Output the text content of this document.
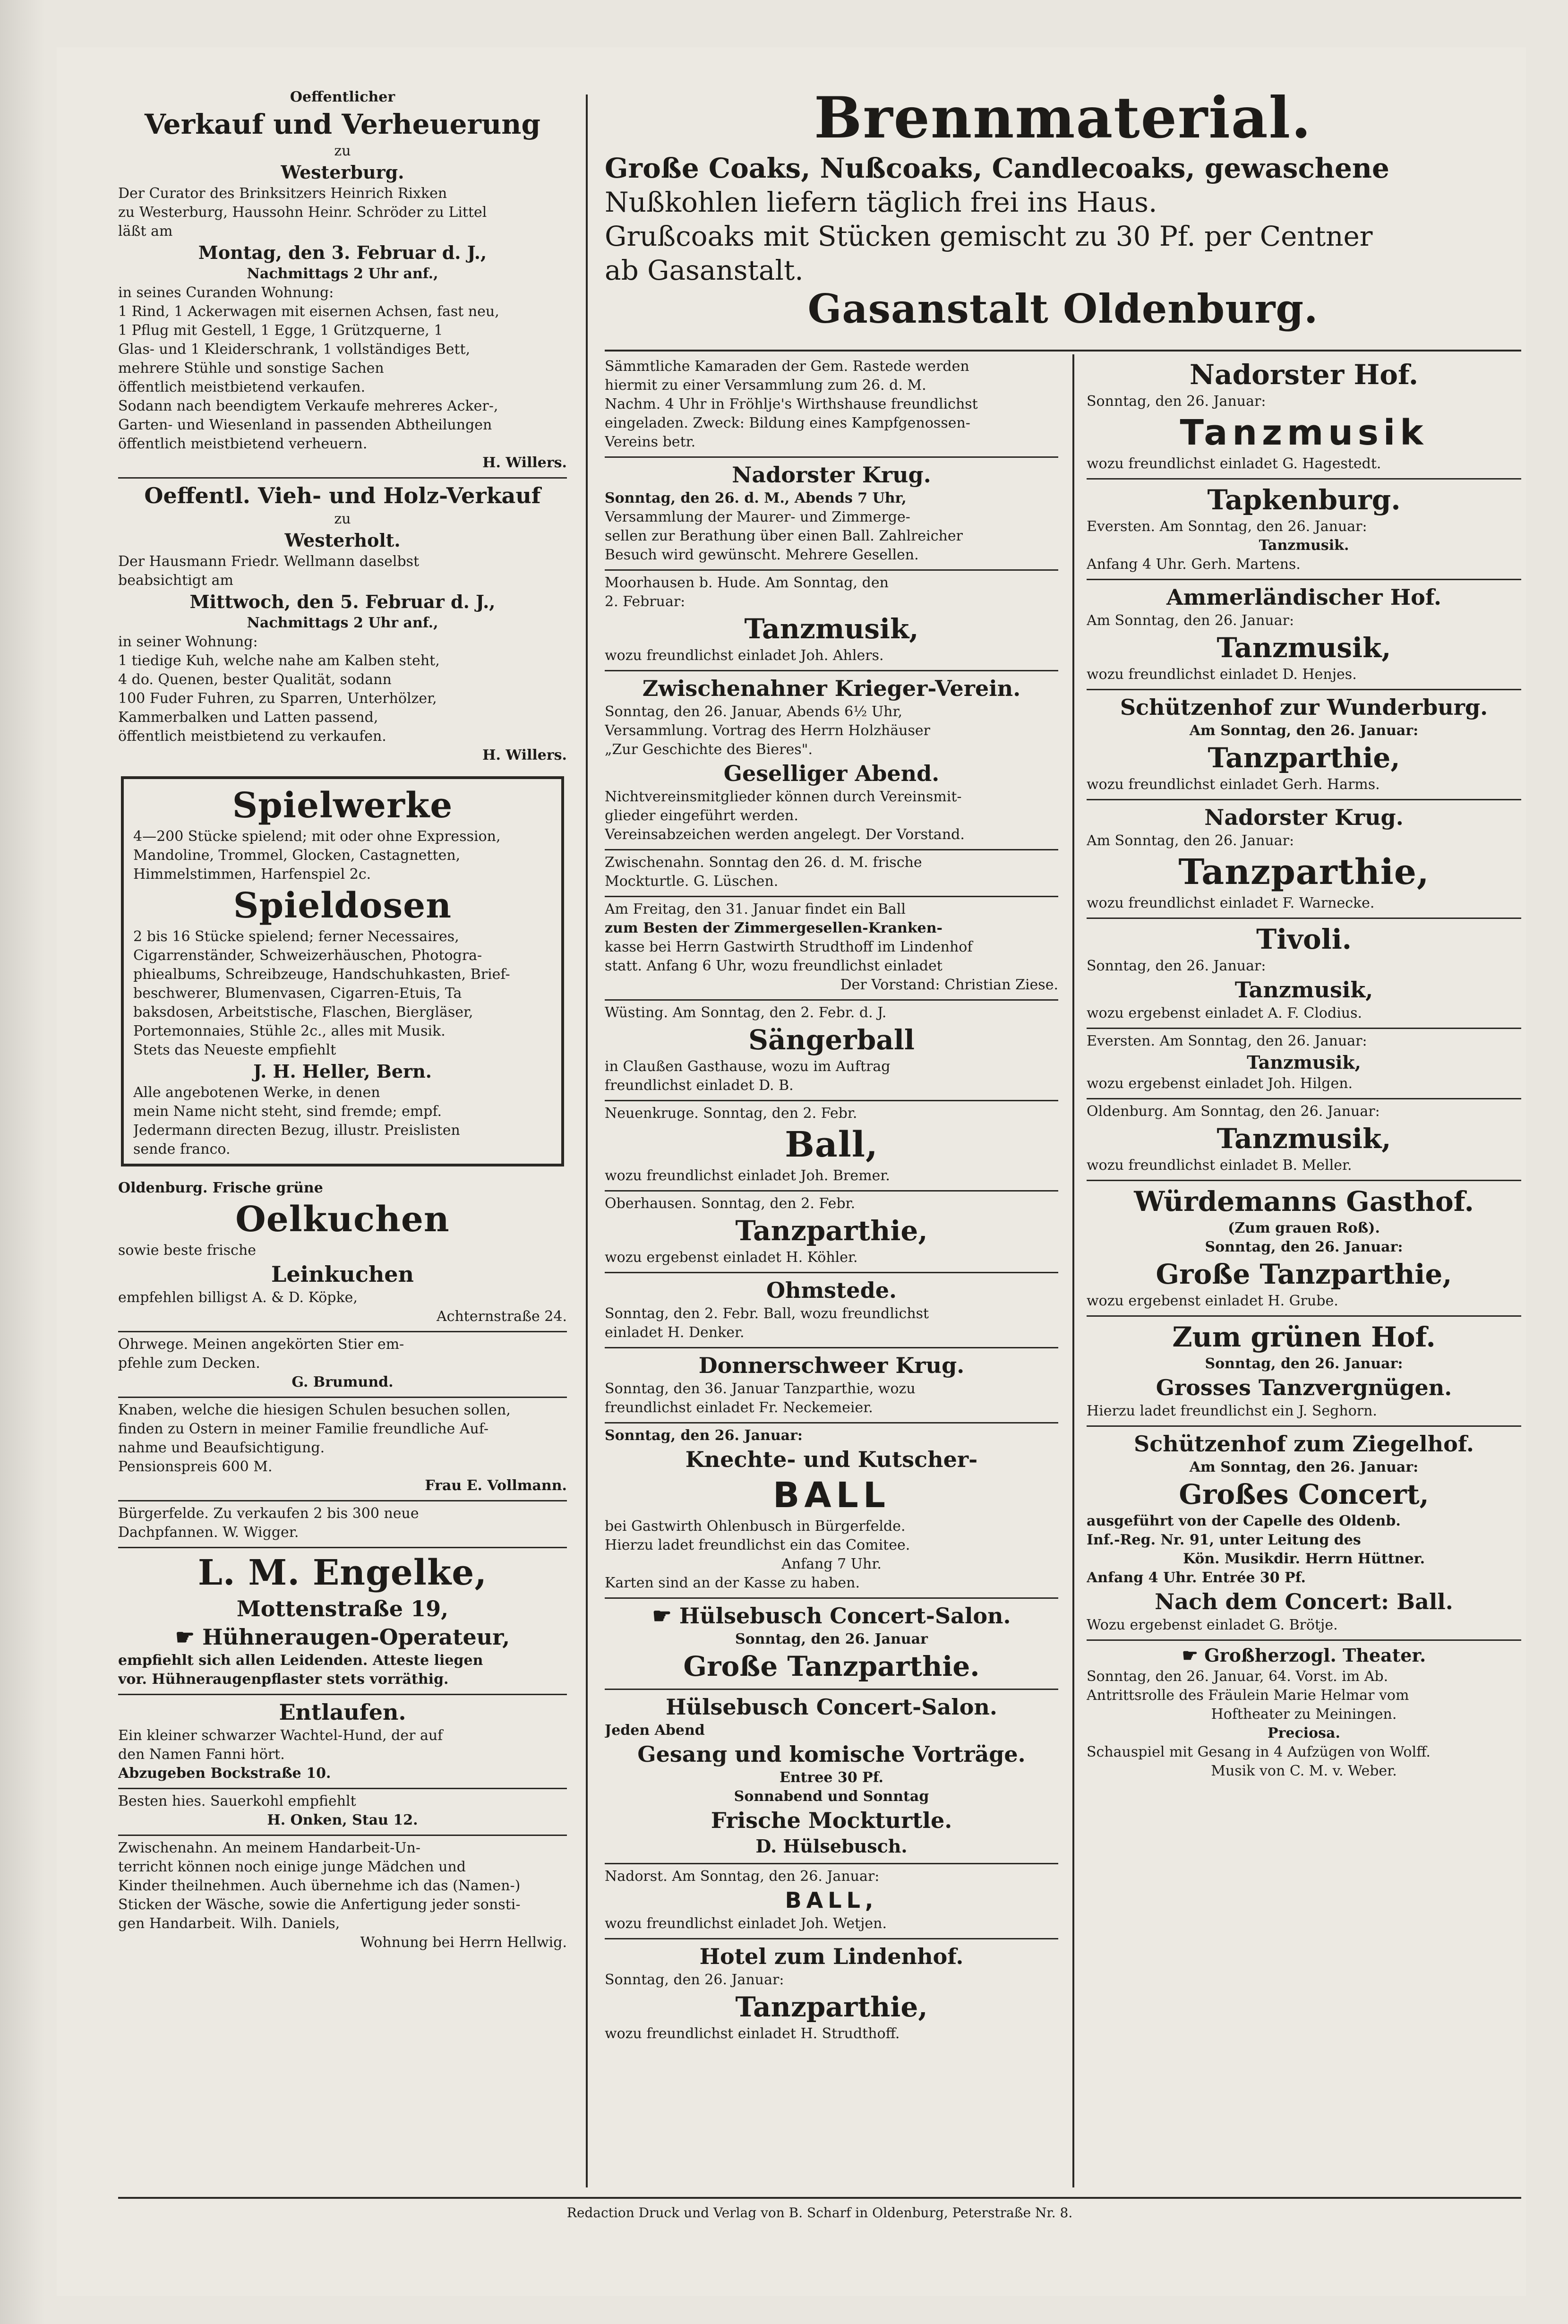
Brennmaterial.
Große Coaks, Nußcoaks, Candlecoaks, gewaschene
Nußkohlen liefern täglich frei ins Haus.
Grußcoaks mit Stücken gemischt zu 30 Pf. per Centner
ab Gasanstalt.
Gasanstalt Oldenburg.
Oeffentlicher
Verkauf und Verheuerung
zu
Westerburg.
Der Curator des Brinksitzers Heinrich Rixken
zu Westerburg, Haussohn Heinr. Schröder zu Littel
läßt am
Montag, den 3. Februar d. J.,
Nachmittags 2 Uhr anf.,
in seines Curanden Wohnung:
1 Rind, 1 Ackerwagen mit eisernen Achsen, fast neu,
1 Pflug mit Gestell, 1 Egge, 1 Grützquerne, 1
Glas- und 1 Kleiderschrank, 1 vollständiges Bett,
mehrere Stühle und sonstige Sachen
öffentlich meistbietend verkaufen.
Sodann nach beendigtem Verkaufe mehreres Acker-,
Garten- und Wiesenland in passenden Abtheilungen
öffentlich meistbietend verheuern.
H. Willers.
Oeffentl. Vieh- und Holz-Verkauf
zu
Westerholt.
Der Hausmann Friedr. Wellmann daselbst
beabsichtigt am
Mittwoch, den 5. Februar d. J.,
Nachmittags 2 Uhr anf.,
in seiner Wohnung:
1 tiedige Kuh, welche nahe am Kalben steht,
4 do. Quenen, bester Qualität, sodann
100 Fuder Fuhren, zu Sparren, Unterhölzer,
Kammerbalken und Latten passend,
öffentlich meistbietend zu verkaufen.
H. Willers.
Spielwerke
4—200 Stücke spielend; mit oder ohne Expression,
Mandoline, Trommel, Glocken, Castagnetten,
Himmelstimmen, Harfenspiel 2c.
Spieldosen
2 bis 16 Stücke spielend; ferner Necessaires,
Cigarrenständer, Schweizerhäuschen, Photogra-
phiealbums, Schreibzeuge, Handschuhkasten, Brief-
beschwerer, Blumenvasen, Cigarren-Etuis, Ta
baksdosen, Arbeitstische, Flaschen, Biergläser,
Portemonnaies, Stühle 2c., alles mit Musik.
Stets das Neueste empfiehlt
J. H. Heller, Bern.
Alle angebotenen Werke, in denen
mein Name nicht steht, sind fremde; empf.
Jedermann directen Bezug, illustr. Preislisten
sende franco.
Oldenburg. Frische grüne
Oelkuchen
sowie beste frische
Leinkuchen
empfehlen billigst A. & D. Köpke,
Achternstraße 24.
Ohrwege. Meinen angekörten Stier em-
pfehle zum Decken.
G. Brumund.
Knaben, welche die hiesigen Schulen besuchen sollen,
finden zu Ostern in meiner Familie freundliche Auf-
nahme und Beaufsichtigung.
Pensionspreis 600 M.
Frau E. Vollmann.
Bürgerfelde. Zu verkaufen 2 bis 300 neue
Dachpfannen. W. Wigger.
L. M. Engelke,
Mottenstraße 19,
☛ Hühneraugen-Operateur,
empfiehlt sich allen Leidenden. Atteste liegen
vor. Hühneraugenpflaster stets vorräthig.
Entlaufen.
Ein kleiner schwarzer Wachtel-Hund, der auf
den Namen Fanni hört.
Abzugeben Bockstraße 10.
Besten hies. Sauerkohl empfiehlt
H. Onken, Stau 12.
Zwischenahn. An meinem Handarbeit-Un-
terricht können noch einige junge Mädchen und
Kinder theilnehmen. Auch übernehme ich das (Namen-)
Sticken der Wäsche, sowie die Anfertigung jeder sonsti-
gen Handarbeit. Wilh. Daniels,
Wohnung bei Herrn Hellwig.
Sämmtliche Kamaraden der Gem. Rastede werden
hiermit zu einer Versammlung zum 26. d. M.
Nachm. 4 Uhr in Fröhlje's Wirthshause freundlichst
eingeladen. Zweck: Bildung eines Kampfgenossen-
Vereins betr.
Nadorster Krug.
Sonntag, den 26. d. M., Abends 7 Uhr,
Versammlung der Maurer- und Zimmerge-
sellen zur Berathung über einen Ball. Zahlreicher
Besuch wird gewünscht. Mehrere Gesellen.
Moorhausen b. Hude. Am Sonntag, den
2. Februar:
Tanzmusik,
wozu freundlichst einladet Joh. Ahlers.
Zwischenahner Krieger-Verein.
Sonntag, den 26. Januar, Abends 6½ Uhr,
Versammlung. Vortrag des Herrn Holzhäuser
„Zur Geschichte des Bieres".
Geselliger Abend.
Nichtvereinsmitglieder können durch Vereinsmit-
glieder eingeführt werden.
Vereinsabzeichen werden angelegt. Der Vorstand.
Zwischenahn. Sonntag den 26. d. M. frische
Mockturtle. G. Lüschen.
Am Freitag, den 31. Januar findet ein Ball
zum Besten der Zimmergesellen-Kranken-
kasse bei Herrn Gastwirth Strudthoff im Lindenhof
statt. Anfang 6 Uhr, wozu freundlichst einladet
Der Vorstand: Christian Ziese.
Wüsting. Am Sonntag, den 2. Febr. d. J.
Sängerball
in Claußen Gasthause, wozu im Auftrag
freundlichst einladet D. B.
Neuenkruge. Sonntag, den 2. Febr.
Ball,
wozu freundlichst einladet Joh. Bremer.
Oberhausen. Sonntag, den 2. Febr.
Tanzparthie,
wozu ergebenst einladet H. Köhler.
Ohmstede.
Sonntag, den 2. Febr. Ball, wozu freundlichst
einladet H. Denker.
Donnerschweer Krug.
Sonntag, den 36. Januar Tanzparthie, wozu
freundlichst einladet Fr. Neckemeier.
Sonntag, den 26. Januar:
Knechte- und Kutscher-
BALL
bei Gastwirth Ohlenbusch in Bürgerfelde.
Hierzu ladet freundlichst ein das Comitee.
Anfang 7 Uhr.
Karten sind an der Kasse zu haben.
☛ Hülsebusch Concert-Salon.
Sonntag, den 26. Januar
Große Tanzparthie.
Hülsebusch Concert-Salon.
Jeden Abend
Gesang und komische Vorträge.
Entree 30 Pf.
Sonnabend und Sonntag
Frische Mockturtle.
D. Hülsebusch.
Nadorst. Am Sonntag, den 26. Januar:
BALL,
wozu freundlichst einladet Joh. Wetjen.
Hotel zum Lindenhof.
Sonntag, den 26. Januar:
Tanzparthie,
wozu freundlichst einladet H. Strudthoff.
Nadorster Hof.
Sonntag, den 26. Januar:
Tanzmusik
wozu freundlichst einladet G. Hagestedt.
Tapkenburg.
Eversten. Am Sonntag, den 26. Januar:
Tanzmusik.
Anfang 4 Uhr. Gerh. Martens.
Ammerländischer Hof.
Am Sonntag, den 26. Januar:
Tanzmusik,
wozu freundlichst einladet D. Henjes.
Schützenhof zur Wunderburg.
Am Sonntag, den 26. Januar:
Tanzparthie,
wozu freundlichst einladet Gerh. Harms.
Nadorster Krug.
Am Sonntag, den 26. Januar:
Tanzparthie,
wozu freundlichst einladet F. Warnecke.
Tivoli.
Sonntag, den 26. Januar:
Tanzmusik,
wozu ergebenst einladet A. F. Clodius.
Eversten. Am Sonntag, den 26. Januar:
Tanzmusik,
wozu ergebenst einladet Joh. Hilgen.
Oldenburg. Am Sonntag, den 26. Januar:
Tanzmusik,
wozu freundlichst einladet B. Meller.
Würdemanns Gasthof.
(Zum grauen Roß).
Sonntag, den 26. Januar:
Große Tanzparthie,
wozu ergebenst einladet H. Grube.
Zum grünen Hof.
Sonntag, den 26. Januar:
Grosses Tanzvergnügen.
Hierzu ladet freundlichst ein J. Seghorn.
Schützenhof zum Ziegelhof.
Am Sonntag, den 26. Januar:
Großes Concert,
ausgeführt von der Capelle des Oldenb.
Inf.-Reg. Nr. 91, unter Leitung des
Kön. Musikdir. Herrn Hüttner.
Anfang 4 Uhr. Entrée 30 Pf.
Nach dem Concert: Ball.
Wozu ergebenst einladet G. Brötje.
☛ Großherzogl. Theater.
Sonntag, den 26. Januar, 64. Vorst. im Ab.
Antrittsrolle des Fräulein Marie Helmar vom
Hoftheater zu Meiningen.
Preciosa.
Schauspiel mit Gesang in 4 Aufzügen von Wolff.
Musik von C. M. v. Weber.
Redaction Druck und Verlag von B. Scharf in Oldenburg, Peterstraße Nr. 8.
